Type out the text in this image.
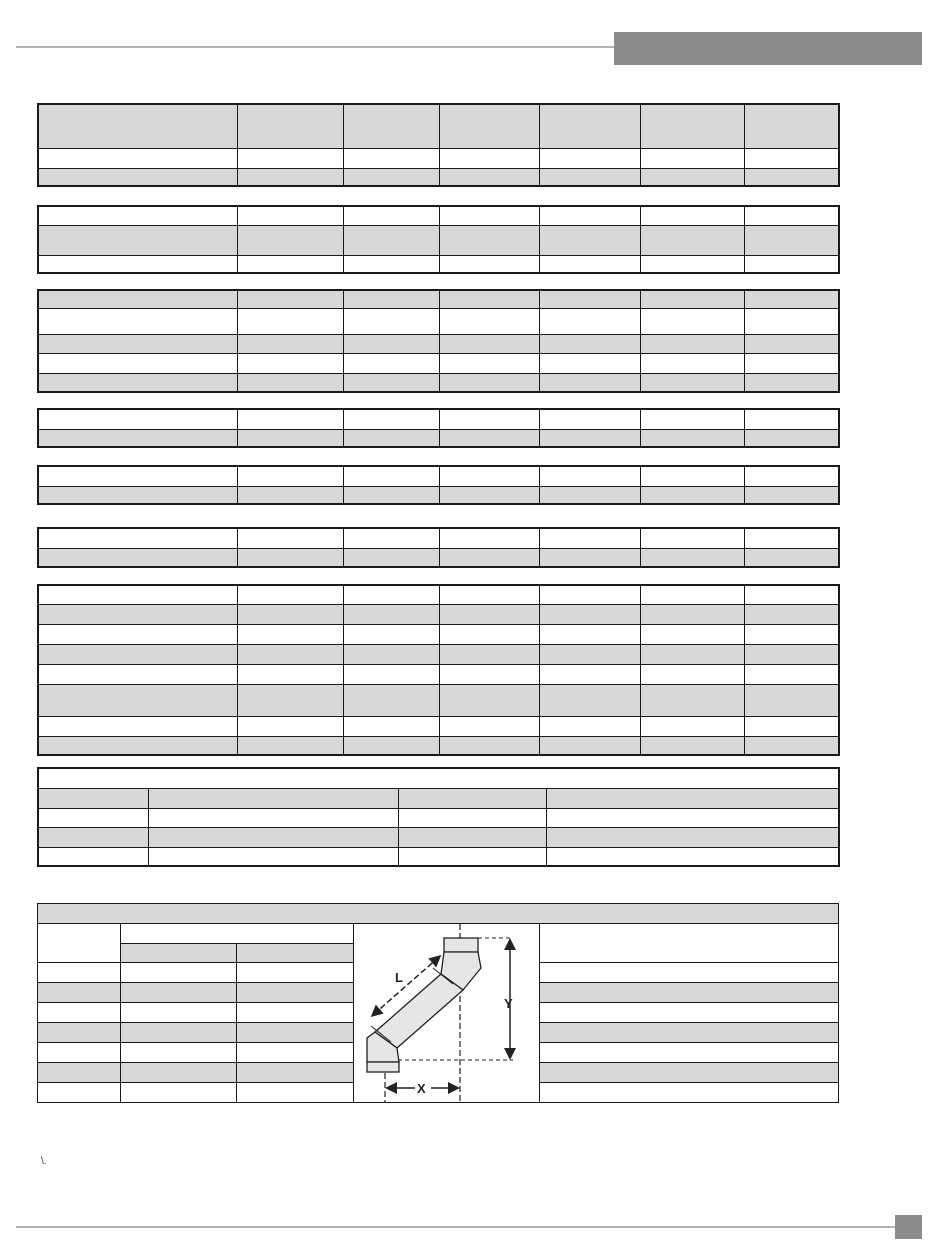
L
Y
X
\.
